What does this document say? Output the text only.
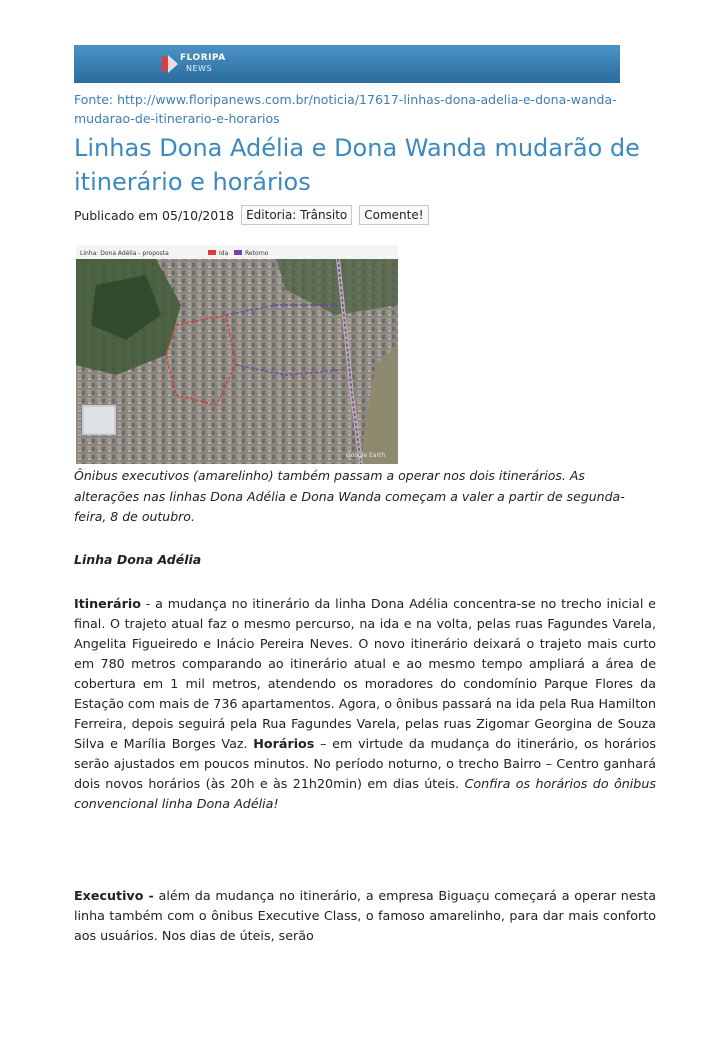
FLORIPA
NEWS
Fonte: http://www.floripanews.com.br/noticia/17617-linhas-dona-adelia-e-dona-wanda-mudarao-de-itinerario-e-horarios
Linhas Dona Adélia e Dona Wanda mudarão de itinerário e horários
Publicado em 05/10/2018 Editoria: Trânsito Comente!
Linha: Dona Adélia - proposta	Ida	Retorno
Google Earth
Ônibus executivos (amarelinho) também passam a operar nos dois itinerários. As alterações nas linhas Dona Adélia e Dona Wanda começam a valer a partir de segunda-feira, 8 de outubro.
Linha Dona Adélia

Itinerário - a mudança no itinerário da linha Dona Adélia concentra-se no trecho inicial e final. O trajeto atual faz o mesmo percurso, na ida e na volta, pelas ruas Fagundes Varela, Angelita Figueiredo e Inácio Pereira Neves. O novo itinerário deixará o trajeto mais curto em 780 metros comparando ao itinerário atual e ao mesmo tempo ampliará a área de cobertura em 1 mil metros, atendendo os moradores do condomínio Parque Flores da Estação com mais de 736 apartamentos. Agora, o ônibus passará na ida pela Rua Hamilton Ferreira, depois seguirá pela Rua Fagundes Varela, pelas ruas Zigomar Georgina de Souza Silva e Marília Borges Vaz. Horários – em virtude da mudança do itinerário, os horários serão ajustados em poucos minutos. No período noturno, o trecho Bairro – Centro ganhará dois novos horários (às 20h e às 21h20min) em dias úteis. Confira os horários do ônibus convencional linha Dona Adélia!

Executivo - além da mudança no itinerário, a empresa Biguaçu começará a operar nesta linha também com o ônibus Executive Class, o famoso amarelinho, para dar mais conforto aos usuários. Nos dias de úteis, serão
